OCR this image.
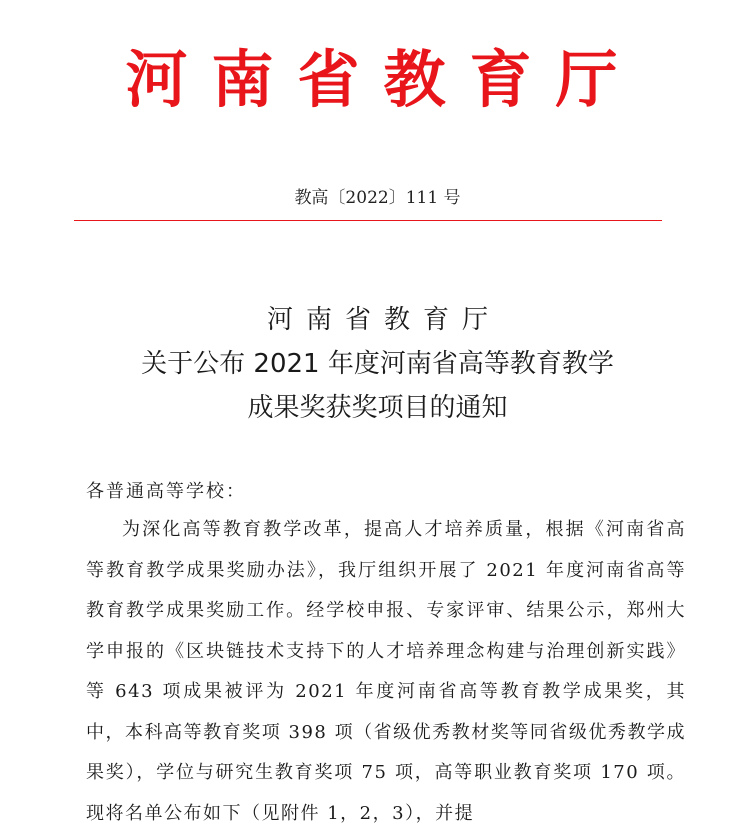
河南省教育厅
教高〔2022〕111 号
河南省教育厅
关于公布 2021 年度河南省高等教育教学
成果奖获奖项目的通知
各普通高等学校：
为深化高等教育教学改革，提高人才培养质量，根据《河南省高等教育教学成果奖励办法》，我厅组织开展了 2021 年度河南省高等教育教学成果奖励工作。经学校申报、专家评审、结果公示，郑州大学申报的《区块链技术支持下的人才培养理念构建与治理创新实践》等 643 项成果被评为 2021 年度河南省高等教育教学成果奖，其中，本科高等教育奖项 398 项（省级优秀教材奖等同省级优秀教学成果奖），学位与研究生教育奖项 75 项，高等职业教育奖项 170 项。现将名单公布如下（见附件 1，2，3），并提
